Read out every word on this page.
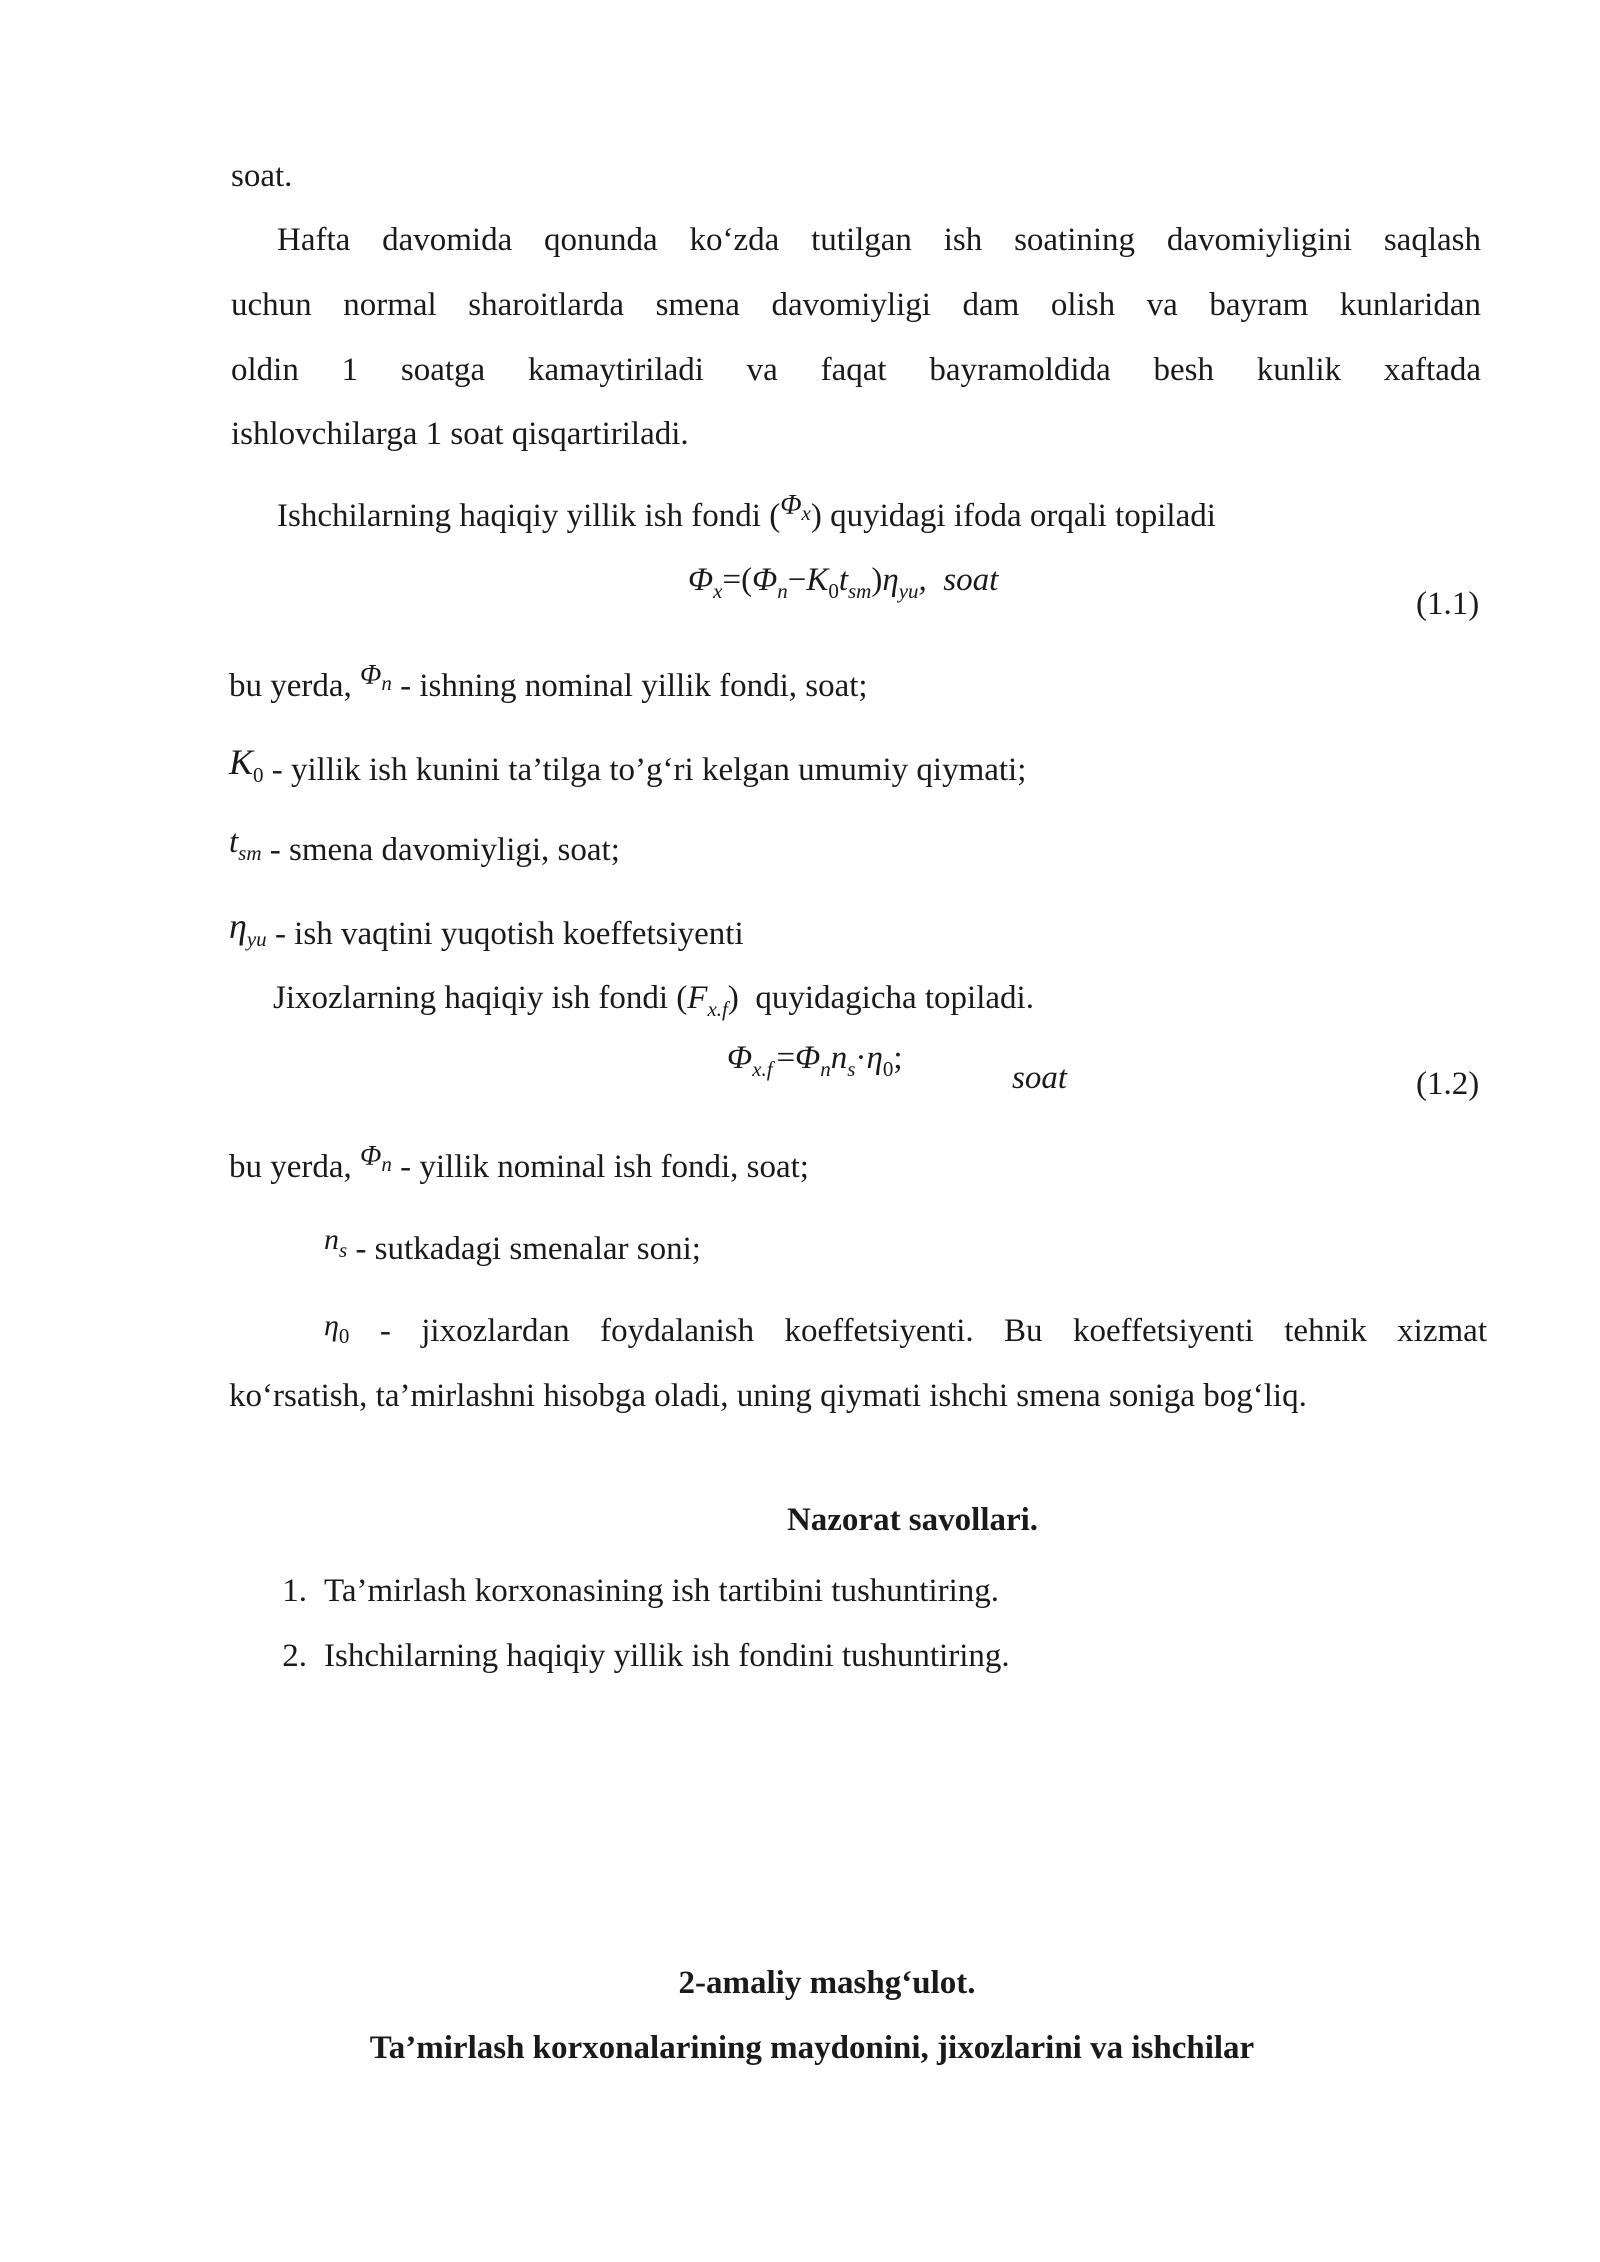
soat.
Hafta davomida qonunda ko‘zda tutilgan ish soatining davomiyligini saqlash
uchun normal sharoitlarda smena davomiyligi dam olish va bayram kunlaridan
oldin 1 soatga kamaytiriladi va faqat bayramoldida besh kunlik xaftada

ishlovchilarga 1 soat qisqartiriladi.
Ishchilarning haqiqiy yillik ish fondi ($^\Phi$x) quyidagi ifoda orqali topiladi
$\Phi_x=(\Phi_n-K_0t_{sm})\eta_{yu}$,  soat
(1.1)
bu yerda, $^\Phi$n - ishning nominal yillik fondi, soat;
K0 - yillik ish kunini ta’tilga to’g‘ri kelgan umumiy qiymati;
tsm - smena davomiyligi, soat;
ηyu - ish vaqtini yuqotish koeffetsiyenti
Jixozlarning haqiqiy ish fondi $(F_{x.f})$  quyidagicha topiladi.
$\Phi_{x.f} =\Phi_nn_s\cdot\eta_0$;
soat	(1.2)
bu yerda, $^\Phi$n - yillik nominal ish fondi, soat;
ns - sutkadagi smenalar soni;
η0 - jixozlardan foydalanish koeffetsiyenti. Bu koeffetsiyenti tehnik xizmat
ko‘rsatish, ta’mirlashni hisobga oladi, uning qiymati ishchi smena soniga bog‘liq.
Nazorat savollari.
1. Ta’mirlash korxonasining ish tartibini tushuntiring.
2. Ishchilarning haqiqiy yillik ish fondini tushuntiring.
2-amaliy mashg‘ulot.
Ta’mirlash korxonalarining maydonini, jixozlarini va ishchilar
